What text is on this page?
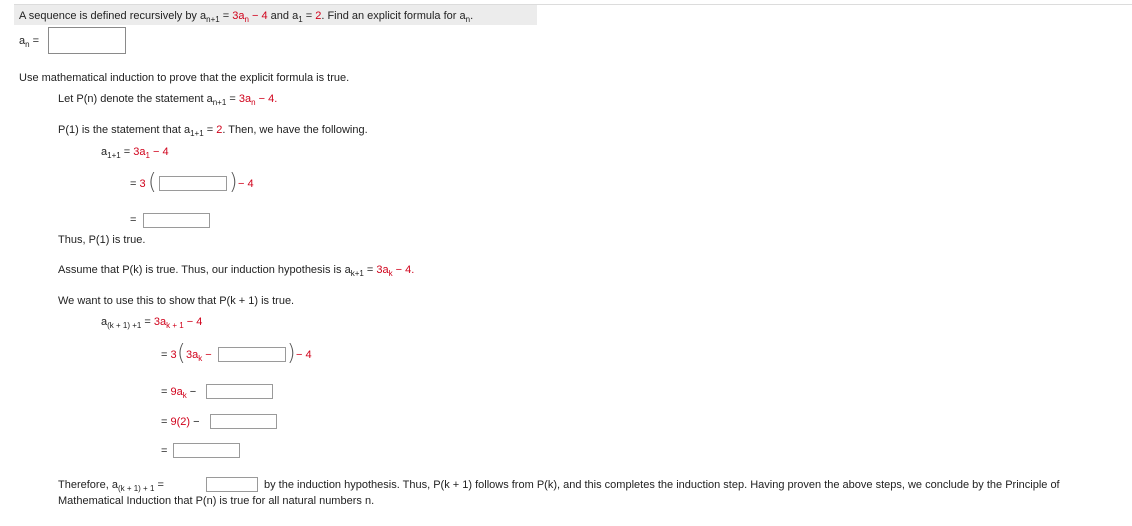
A sequence is defined recursively by $a_{n+1} = 3a_n - 4$ and $a_1 = 2$. Find an explicit formula for $a_n$.
$a_n$ =
Use mathematical induction to prove that the explicit formula is true.
Let P(n) denote the statement $a_{n+1} = 3a_n - 4$.
P(1) is the statement that $a_{1+1} = 2$. Then, we have the following.
$a_{1+1} = 3a_1 - 4$
= 3 (	) − 4
=
Thus, P(1) is true.
Assume that P(k) is true. Thus, our induction hypothesis is $a_{k+1} = 3a_k - 4$.
We want to use this to show that P(k + 1) is true.
$a_{(k + 1) +1} = 3a_{k + 1} - 4$
= 3 ( $3a_k$ −	) − 4
= $9a_k$ −
= 9(2) −
=
Therefore, $a_{(k + 1) + 1}$ =	by the induction hypothesis. Thus, P(k + 1) follows from P(k), and this completes the induction step. Having proven the above steps, we conclude by the Principle of
Mathematical Induction that P(n) is true for all natural numbers n.
